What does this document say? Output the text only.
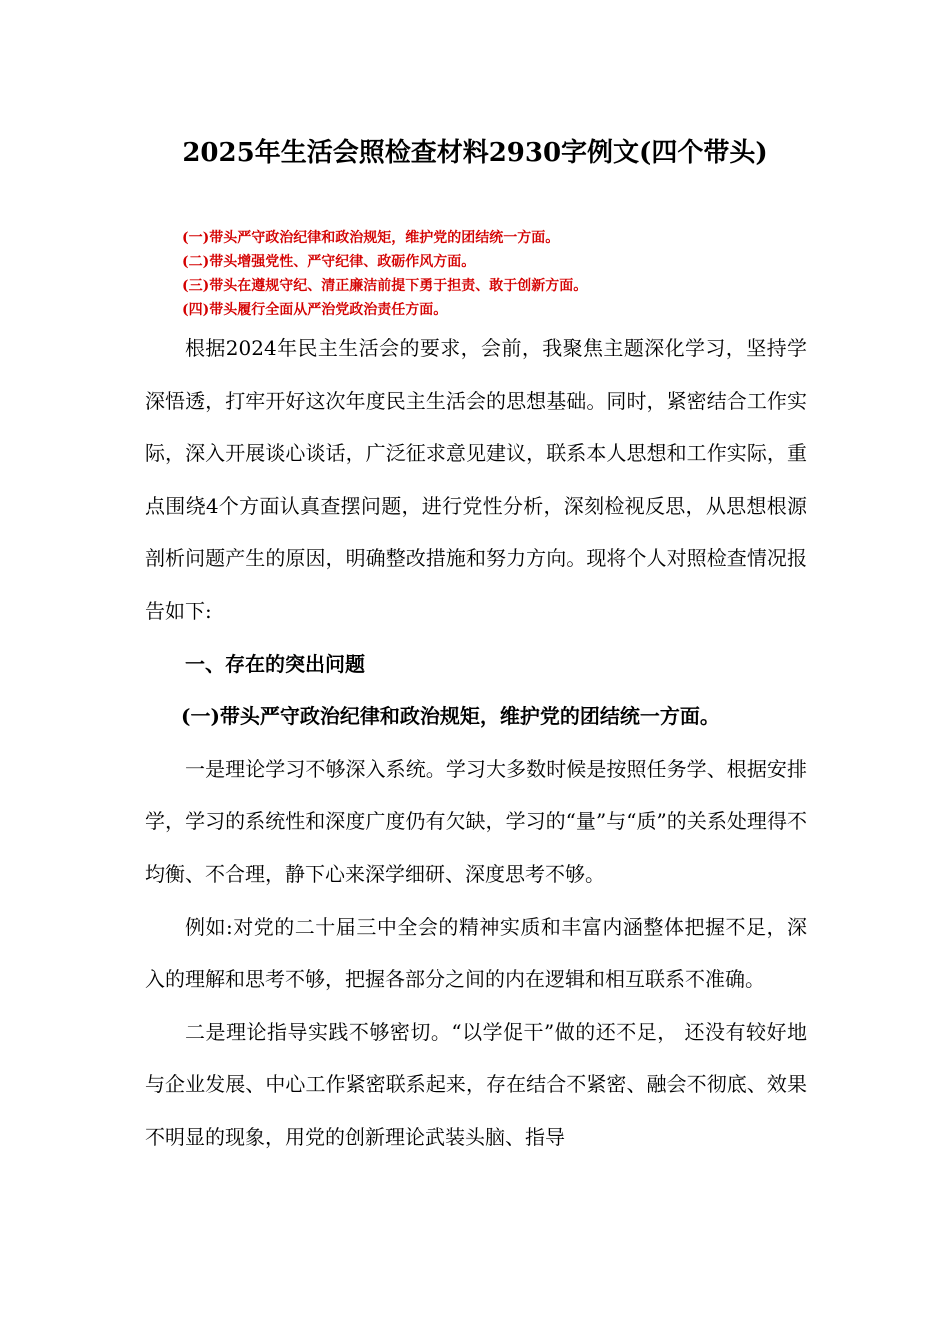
2025年生活会照检查材料2930字例文(四个带头)
(一)带头严守政治纪律和政治规矩，维护党的团结统一方面。
(二)带头增强党性、严守纪律、政砺作风方面。
(三)带头在遵规守纪、清正廉洁前提下勇于担责、敢于创新方面。
(四)带头履行全面从严治党政治责任方面。

根据2024年民主生活会的要求，会前，我聚焦主题深化学习，坚持学深悟透，打牢开好这次年度民主生活会的思想基础。同时，紧密结合工作实际，深入开展谈心谈话，广泛征求意见建议，联系本人思想和工作实际，重点围绕4个方面认真查摆问题，进行党性分析，深刻检视反思，从思想根源剖析问题产生的原因，明确整改措施和努力方向。现将个人对照检查情况报告如下:

一、存在的突出问题

(一)带头严守政治纪律和政治规矩，维护党的团结统一方面。

一是理论学习不够深入系统。学习大多数时候是按照任务学、根据安排学，学习的系统性和深度广度仍有欠缺，学习的“量”与“质”的关系处理得不均衡、不合理，静下心来深学细研、深度思考不够。

例如:对党的二十届三中全会的精神实质和丰富内涵整体把握不足，深入的理解和思考不够，把握各部分之间的内在逻辑和相互联系不准确。

二是理论指导实践不够密切。“以学促干”做的还不足， 还没有较好地与企业发展、中心工作紧密联系起来，存在结合不紧密、融会不彻底、效果不明显的现象，用党的创新理论武装头脑、指导
